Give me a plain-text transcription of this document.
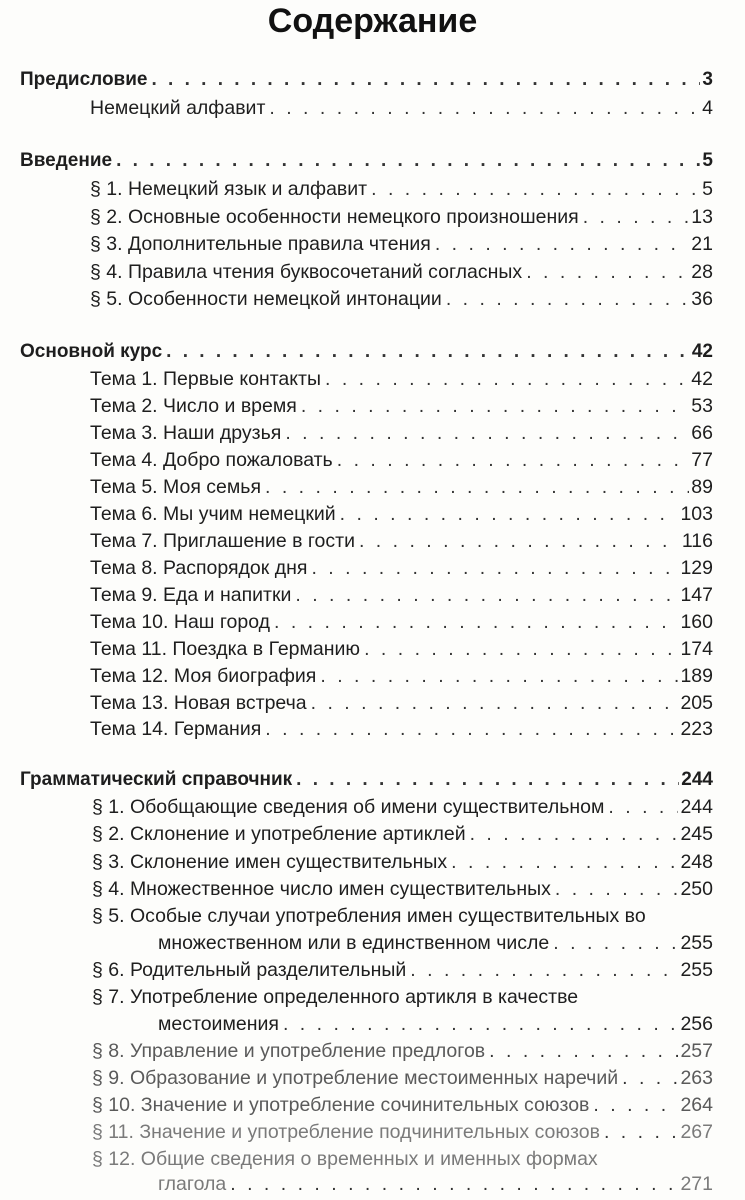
Содержание
Предисловие . . .	3
Немецкий алфавит . . .	4
Введение . . .	5
§ 1. Немецкий язык и алфавит . . .	5
§ 2. Основные особенности немецкого произношения . . .	13
§ 3. Дополнительные правила чтения . . .	21
§ 4. Правила чтения буквосочетаний согласных . . .	28
§ 5. Особенности немецкой интонации . . .	36
Основной курс . . .	42
Тема 1. Первые контакты . . .	42
Тема 2. Число и время . . .	53
Тема 3. Наши друзья . . .	66
Тема 4. Добро пожаловать . . .	77
Тема 5. Моя семья . . .	89
Тема 6. Мы учим немецкий . . .	103
Тема 7. Приглашение в гости . . .	116
Тема 8. Распорядок дня . . .	129
Тема 9. Еда и напитки . . .	147
Тема 10. Наш город . . .	160
Тема 11. Поездка в Германию . . .	174
Тема 12. Моя биография . . .	189
Тема 13. Новая встреча . . .	205
Тема 14. Германия . . .	223
Грамматический справочник . . .	244
§ 1. Обобщающие сведения об имени существительном . . .	244
§ 2. Склонение и употребление артиклей . . .	245
§ 3. Склонение имен существительных . . .	248
§ 4. Множественное число имен существительных . . .	250
§ 5. Особые случаи употребления имен существительных во
множественном или в единственном числе . . .	255
§ 6. Родительный разделительный . . .	255
§ 7. Употребление определенного артикля в качестве
местоимения . . .	256
§ 8. Управление и употребление предлогов . . .	257
§ 9. Образование и употребление местоименных наречий . . .	263
§ 10. Значение и употребление сочинительных союзов . . .	264
§ 11. Значение и употребление подчинительных союзов . . .	267
§ 12. Общие сведения о временных и именных формах
глагола . . .	271
